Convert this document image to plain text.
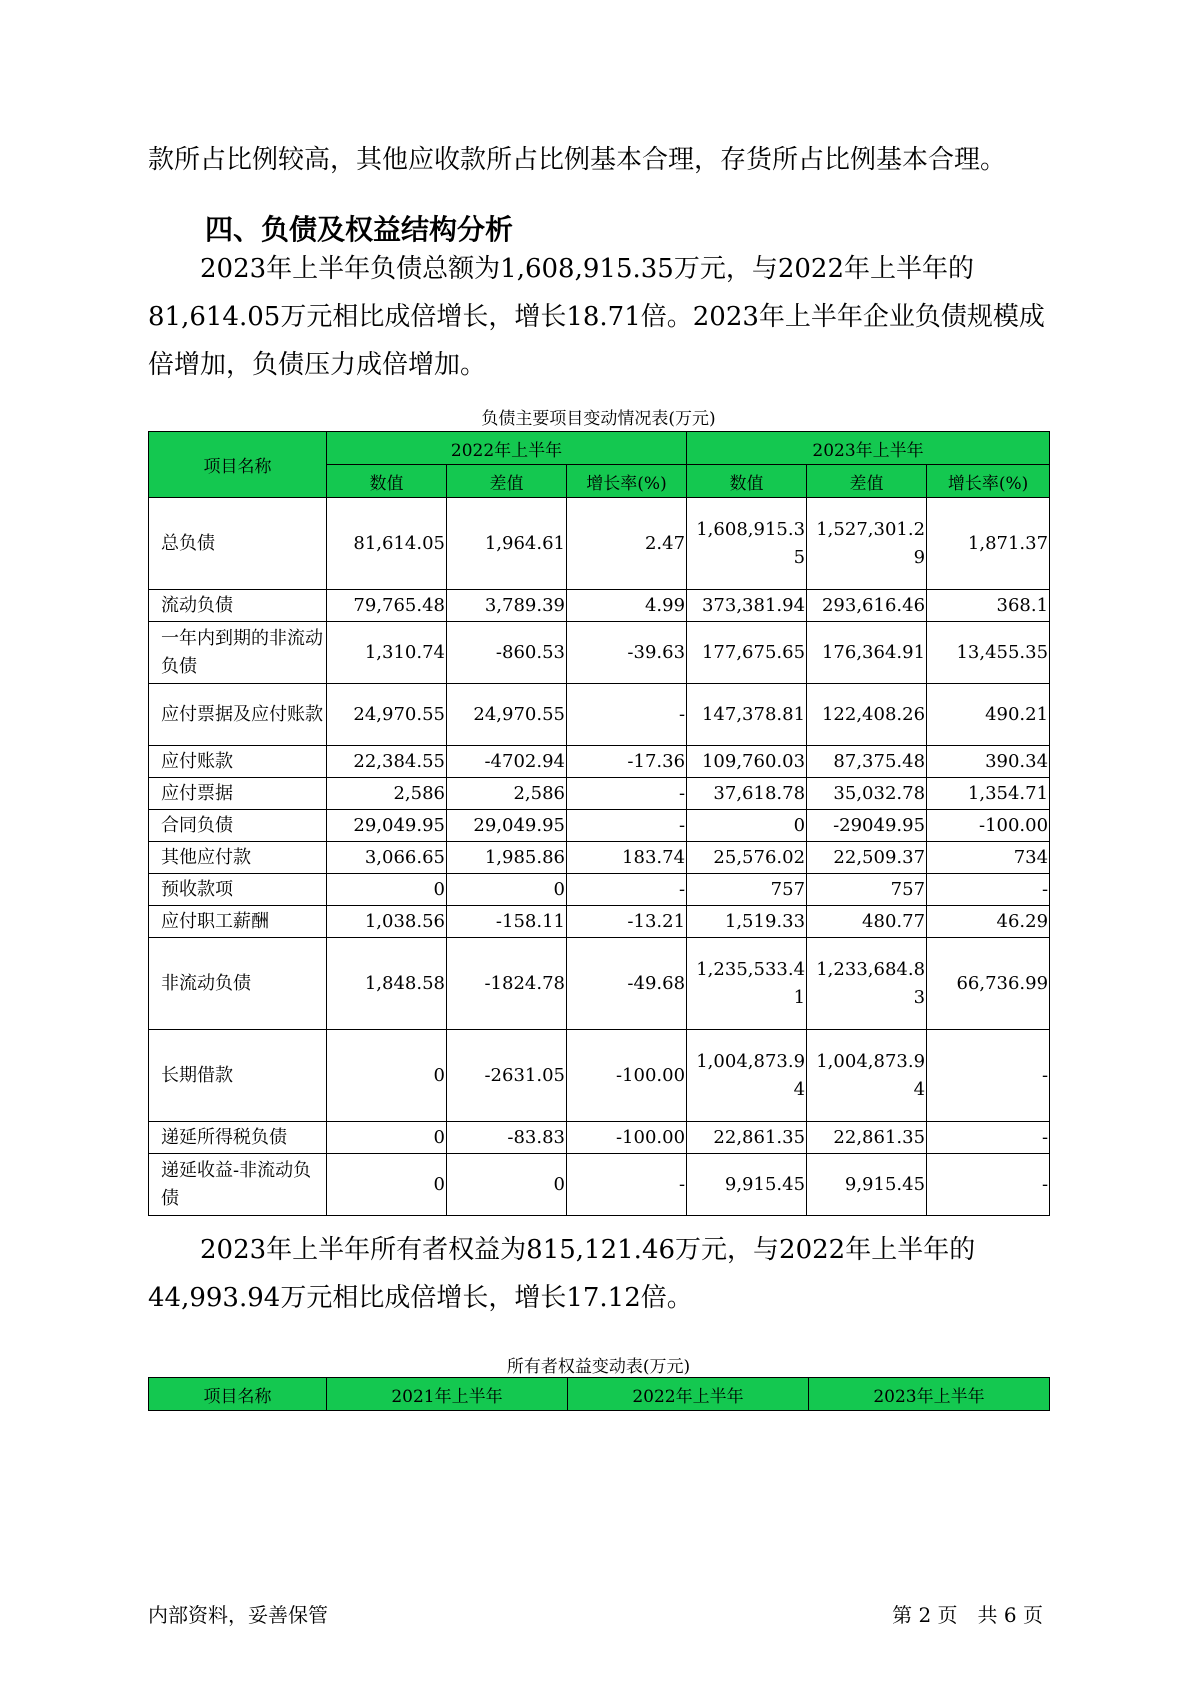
款所占比例较高，其他应收款所占比例基本合理，存货所占比例基本合理。

四、负债及权益结构分析

　　2023年上半年负债总额为1,608,915.35万元，与2022年上半年的81,614.05万元相比成倍增长，增长18.71倍。2023年上半年企业负债规模成倍增加，负债压力成倍增加。

负债主要项目变动情况表(万元)

项目名称	2022年上半年			2023年上半年		
	数值	差值	增长率(%)	数值	差值	增长率(%)
总负债	81,614.05	1,964.61	2.47	1,608,915.35	1,527,301.29	1,871.37
流动负债	79,765.48	3,789.39	4.99	373,381.94	293,616.46	368.1
一年内到期的非流动负债	1,310.74	-860.53	-39.63	177,675.65	176,364.91	13,455.35
应付票据及应付账款	24,970.55	24,970.55	-	147,378.81	122,408.26	490.21
应付账款	22,384.55	-4702.94	-17.36	109,760.03	87,375.48	390.34
应付票据	2,586	2,586	-	37,618.78	35,032.78	1,354.71
合同负债	29,049.95	29,049.95	-	0	-29049.95	-100.00
其他应付款	3,066.65	1,985.86	183.74	25,576.02	22,509.37	734
预收款项	0	0	-	757	757	-
应付职工薪酬	1,038.56	-158.11	-13.21	1,519.33	480.77	46.29
非流动负债	1,848.58	-1824.78	-49.68	1,235,533.41	1,233,684.83	66,736.99
长期借款	0	-2631.05	-100.00	1,004,873.94	1,004,873.94	-
递延所得税负债	0	-83.83	-100.00	22,861.35	22,861.35	-
递延收益-非流动负债	0	0	-	9,915.45	9,915.45	-

　　2023年上半年所有者权益为815,121.46万元，与2022年上半年的44,993.94万元相比成倍增长，增长17.12倍。

所有者权益变动表(万元)

项目名称	2021年上半年	2022年上半年	2023年上半年

内部资料，妥善保管	第 2 页　共 6 页
